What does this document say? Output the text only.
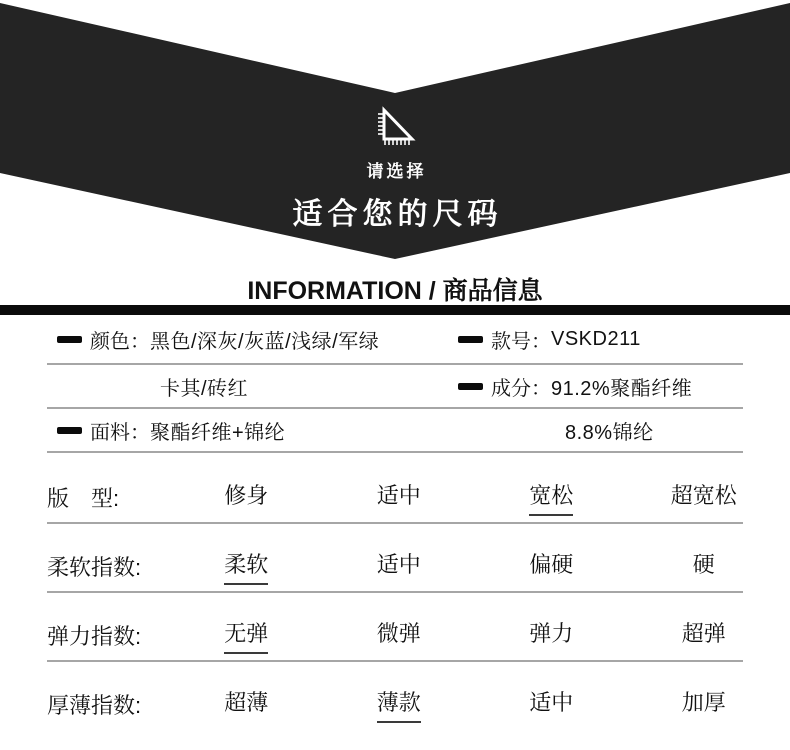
请选择
适合您的尺码
INFORMATION / 商品信息
颜色： 黑色/深灰/灰蓝/浅绿/军绿	款号： VSKD211
卡其/砖红	成分： 91.2%聚酯纤维
面料： 聚酯纤维+锦纶	8.8%锦纶
版　型:	修身	适中	宽松	超宽松
柔软指数:	柔软	适中	偏硬	硬
弹力指数:	无弹	微弹	弹力	超弹
厚薄指数:	超薄	薄款	适中	加厚
